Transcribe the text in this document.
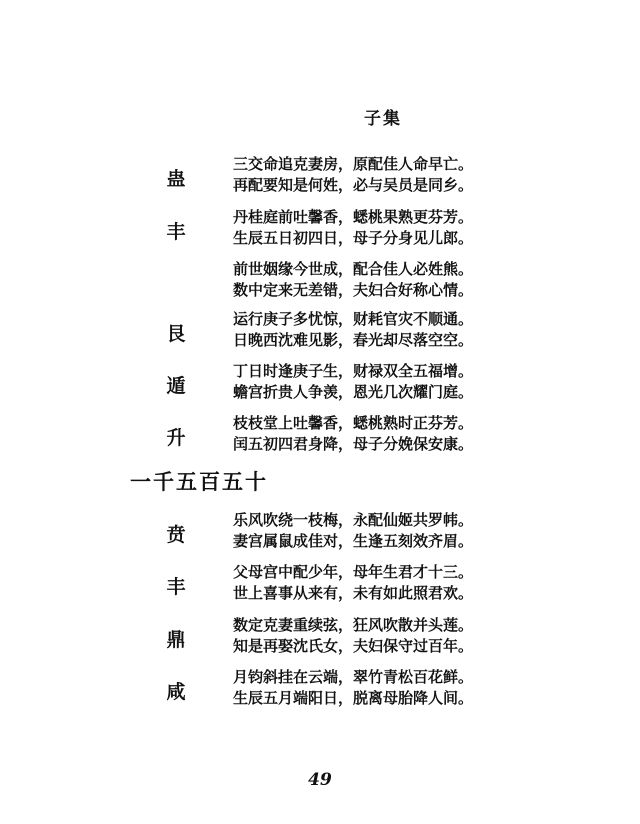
子集
蛊
三交命追克妻房，原配佳人命早亡。
再配要知是何姓，必与吴员是同乡。
丰
丹桂庭前吐馨香，蟋桃果熟更芬芳。
生辰五日初四日，母子分身见儿郎。
前世姻缘今世成，配合佳人必姓熊。
数中定来无差错，夫妇合好称心情。
艮
运行庚子多忧惊，财耗官灾不顺通。
日晚西沈难见影，春光却尽落空空。
遁
丁日时逢庚子生，财禄双全五福增。
蟾宫折贵人争羡，恩光几次耀门庭。
升
枝枝堂上吐馨香，蟋桃熟时正芬芳。
闰五初四君身降，母子分娩保安康。
一千五百五十
贲
乐风吹绕一枝梅，永配仙姬共罗帏。
妻宫属鼠成佳对，生逢五刻效齐眉。
丰
父母宫中配少年，母年生君才十三。
世上喜事从来有，未有如此照君欢。
鼎
数定克妻重续弦，狂风吹散并头莲。
知是再娶沈氏女，夫妇保守过百年。
咸
月钧斜挂在云端，翠竹青松百花鲜。
生辰五月端阳日，脱离母胎降人间。
49
